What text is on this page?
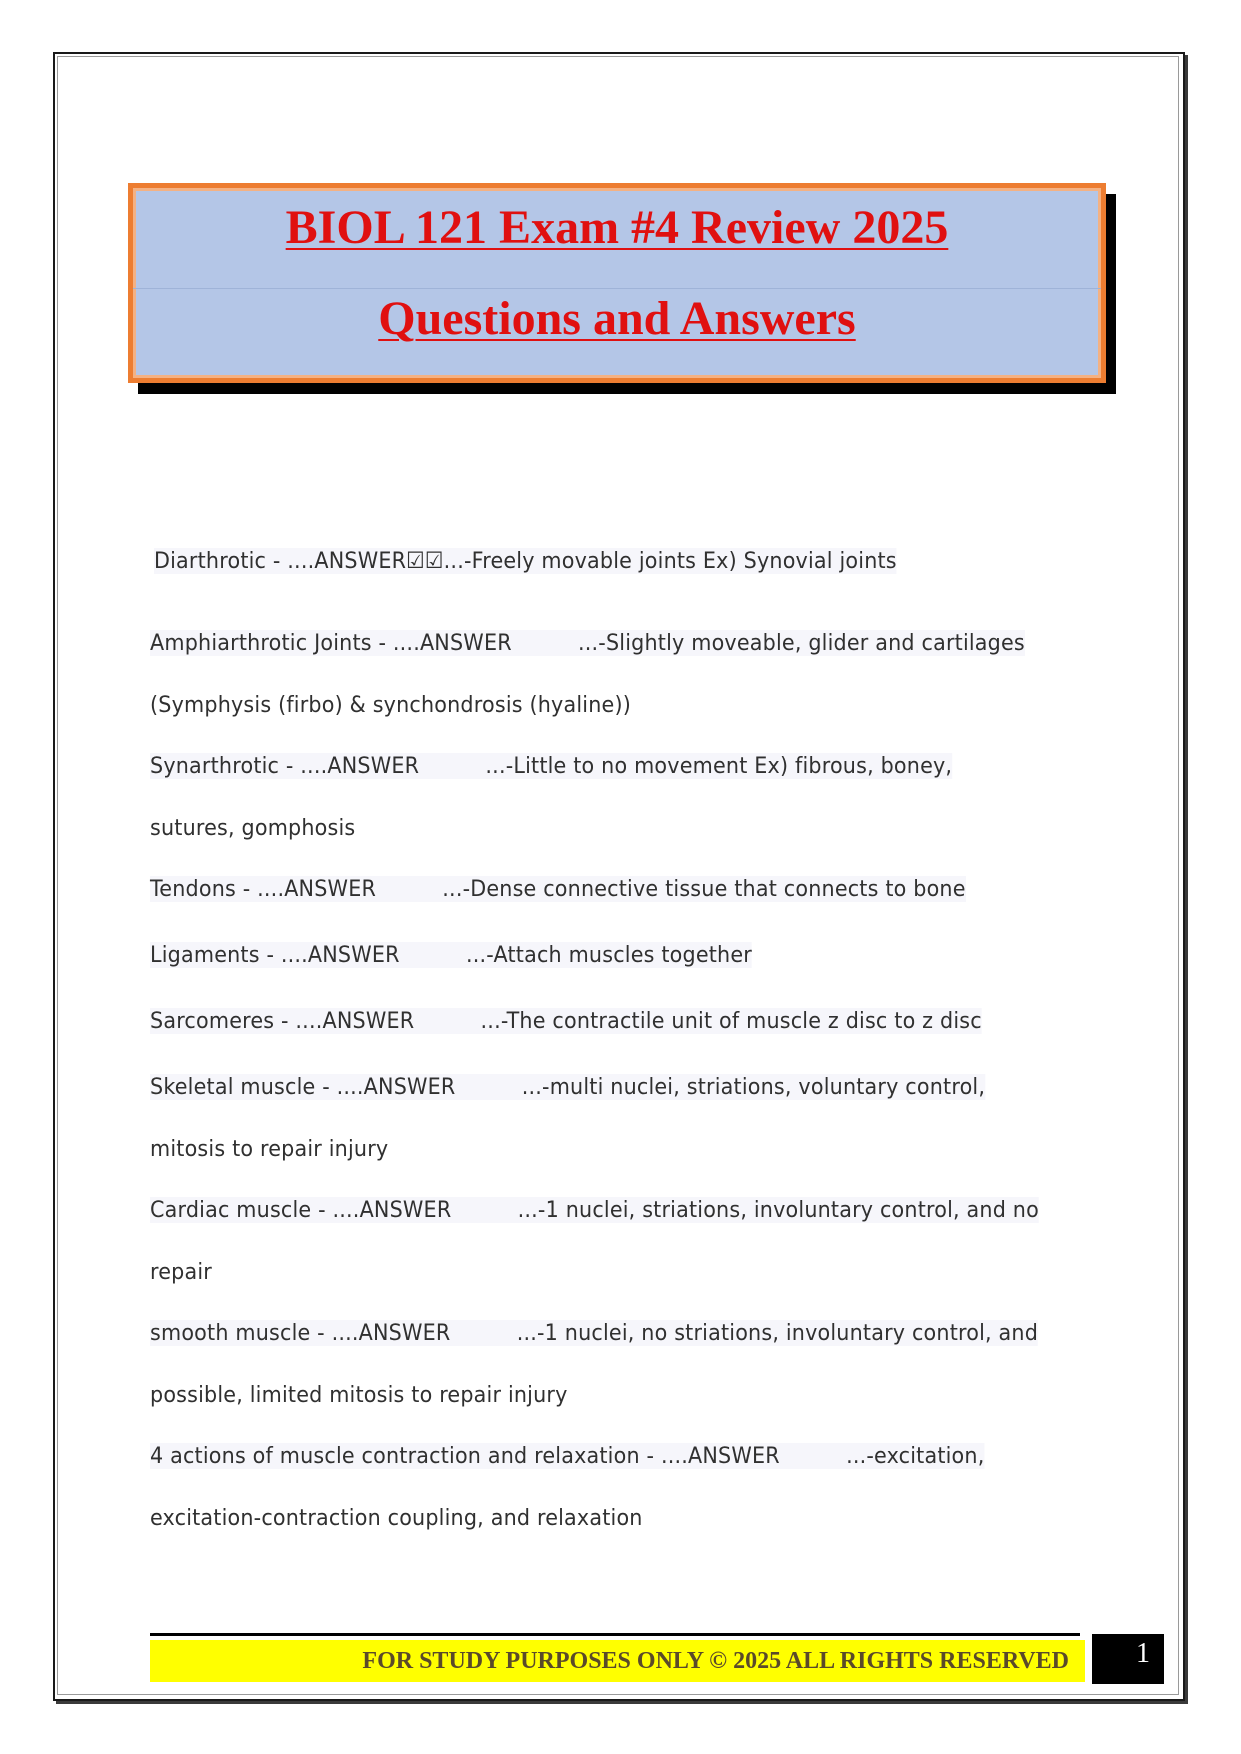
BIOL 121 Exam #4 Review 2025
Questions and Answers

Diarthrotic - ....ANSWER☑☑...-Freely movable joints Ex) Synovial joints

Amphiarthrotic Joints - ....ANSWER	...-Slightly moveable, glider and cartilages

(Symphysis (firbo) & synchondrosis (hyaline))

Synarthrotic - ....ANSWER	...-Little to no movement Ex) fibrous, boney,

sutures, gomphosis

Tendons - ....ANSWER	...-Dense connective tissue that connects to bone

Ligaments - ....ANSWER	...-Attach muscles together

Sarcomeres - ....ANSWER	...-The contractile unit of muscle z disc to z disc

Skeletal muscle - ....ANSWER	...-multi nuclei, striations, voluntary control,

mitosis to repair injury

Cardiac muscle - ....ANSWER	...-1 nuclei, striations, involuntary control, and no

repair

smooth muscle - ....ANSWER	...-1 nuclei, no striations, involuntary control, and

possible, limited mitosis to repair injury

4 actions of muscle contraction and relaxation - ....ANSWER	...-excitation,

excitation-contraction coupling, and relaxation

FOR STUDY PURPOSES ONLY © 2025 ALL RIGHTS RESERVED 1
